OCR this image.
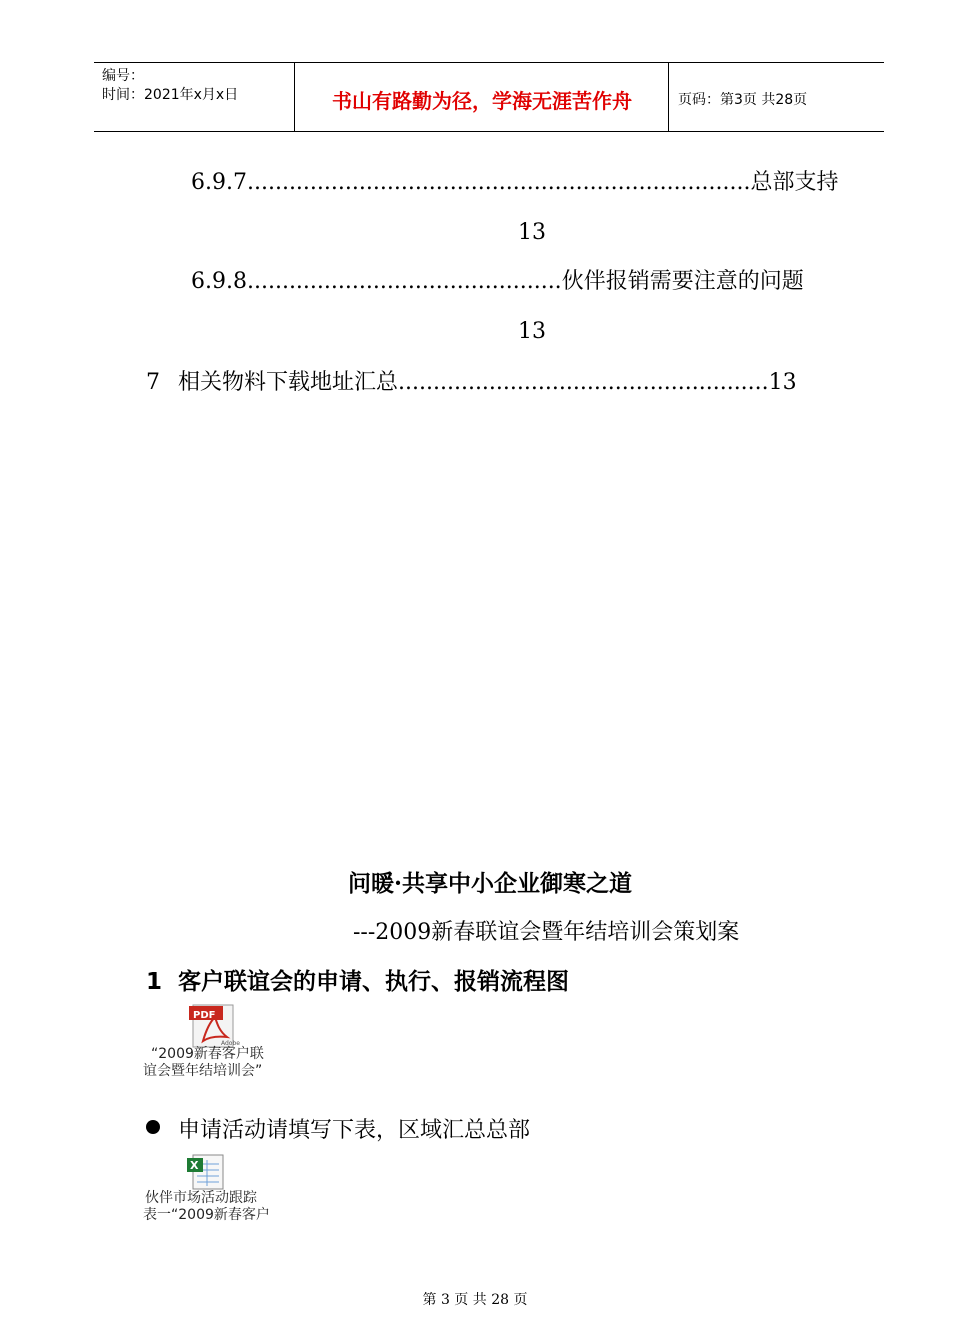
编号：
时间：2021年x月x日	书山有路勤为径，学海无涯苦作舟	页码：第3页 共28页
6.9.7........................................................................总部支持
13
6.9.8.............................................伙伴报销需要注意的问题
13
7 相关物料下载地址汇总.....................................................13
问暖·共享中小企业御寒之道
---2009新春联谊会暨年结培训会策划案
1 客户联谊会的申请、执行、报销流程图
Adobe
PDF
“2009新春客户联
谊会暨年结培训会”
申请活动请填写下表，区域汇总总部
X
伙伴市场活动跟踪
表一“2009新春客户
第 3 页 共 28 页
